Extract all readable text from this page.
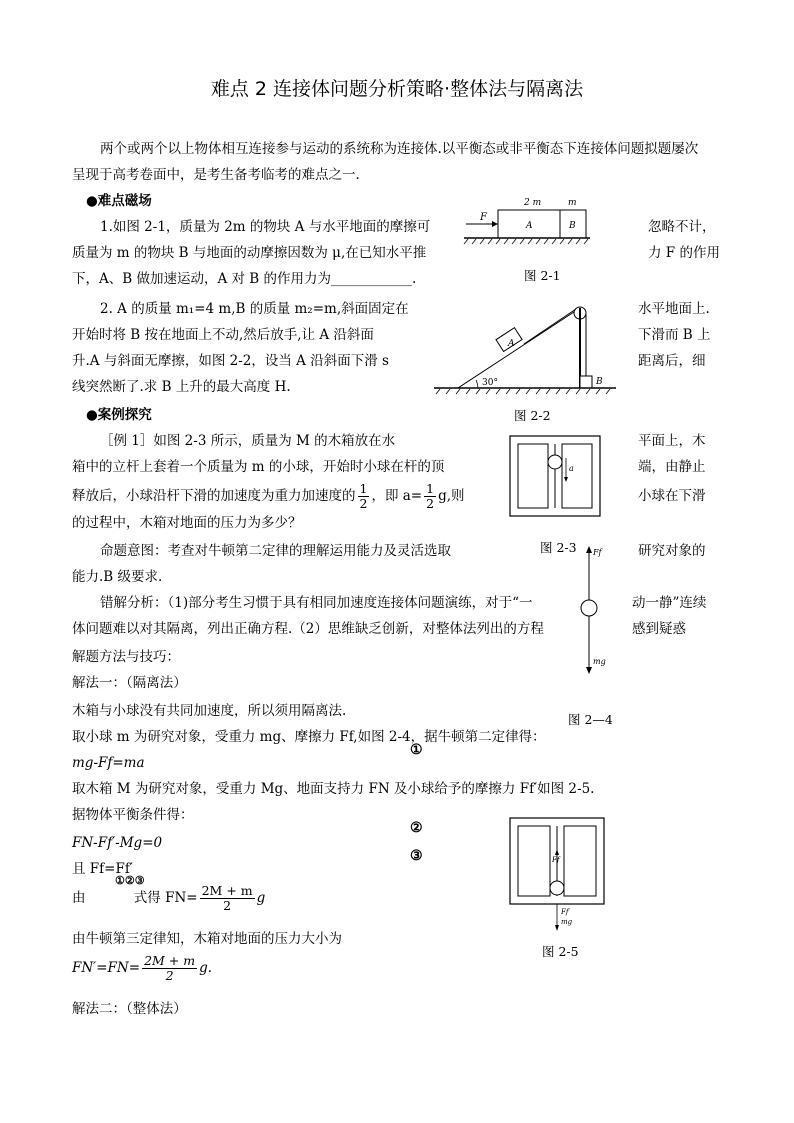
难点 2 连接体问题分析策略·整体法与隔离法
两个或两个以上物体相互连接参与运动的系统称为连接体.以平衡态或非平衡态下连接体问题拟题屡次
呈现于高考卷面中，是考生备考临考的难点之一.
●难点磁场
1.如图 2-1，质量为 2m 的物块 A 与水平地面的摩擦可	忽略不计，
质量为 m 的物块 B 与地面的动摩擦因数为 μ,在已知水平推	力 F 的作用
下，A、B 做加速运动，A 对 B 的作用力为____________.
2 m	m
A	B
F
图 2-1
2. A 的质量 m₁=4 m,B 的质量 m₂=m,斜面固定在	水平地面上.
开始时将 B 按在地面上不动,然后放手,让 A 沿斜面	下滑而 B 上
升.A 与斜面无摩擦，如图 2-2，设当 A 沿斜面下滑 s	距离后，细
线突然断了.求 B 上升的最大高度 H.
A
B
30°
图 2-2
●案例探究
［例 1］如图 2-3 所示，质量为 M 的木箱放在水	平面上，木
箱中的立杆上套着一个质量为 m 的小球，开始时小球在杆的顶	端，由静止
释放后，小球沿杆下滑的加速度为重力加速度的 $\frac{1}{2}$ ，即 $a= \frac{1}{2} g$,则	小球在下滑
的过程中，木箱对地面的压力为多少？
a
图 2-3
命题意图：考查对牛顿第二定律的理解运用能力及灵活选取	研究对象的
能力.B 级要求.
错解分析：（1)部分考生习惯于具有相同加速度连接体问题演练，对于“一	动一静”连续
体问题难以对其隔离，列出正确方程.（2）思维缺乏创新，对整体法列出的方程	感到疑惑
Ff
mg
图 2—4
解题方法与技巧：
解法一：（隔离法）
木箱与小球没有共同加速度，所以须用隔离法.
取小球 m 为研究对象，受重力 mg、摩擦力 Ff,如图 2-4，据牛顿第二定律得：
①
mg-Ff=ma
取木箱 M 为研究对象，受重力 Mg、地面支持力 FN 及小球给予的摩擦力 Ff′如图 2-5.
据物体平衡条件得：
②
FN-Ff′-Mg=0
③
且 Ff=Ff′
①②③
由	式得 $FN= \frac{2M + m}{2}$ g
由牛顿第三定律知，木箱对地面的压力大小为
$FN'=FN= \frac{2M + m}{2} g$.
解法二：（整体法）
Ff
Ff′
mg
图 2-5
